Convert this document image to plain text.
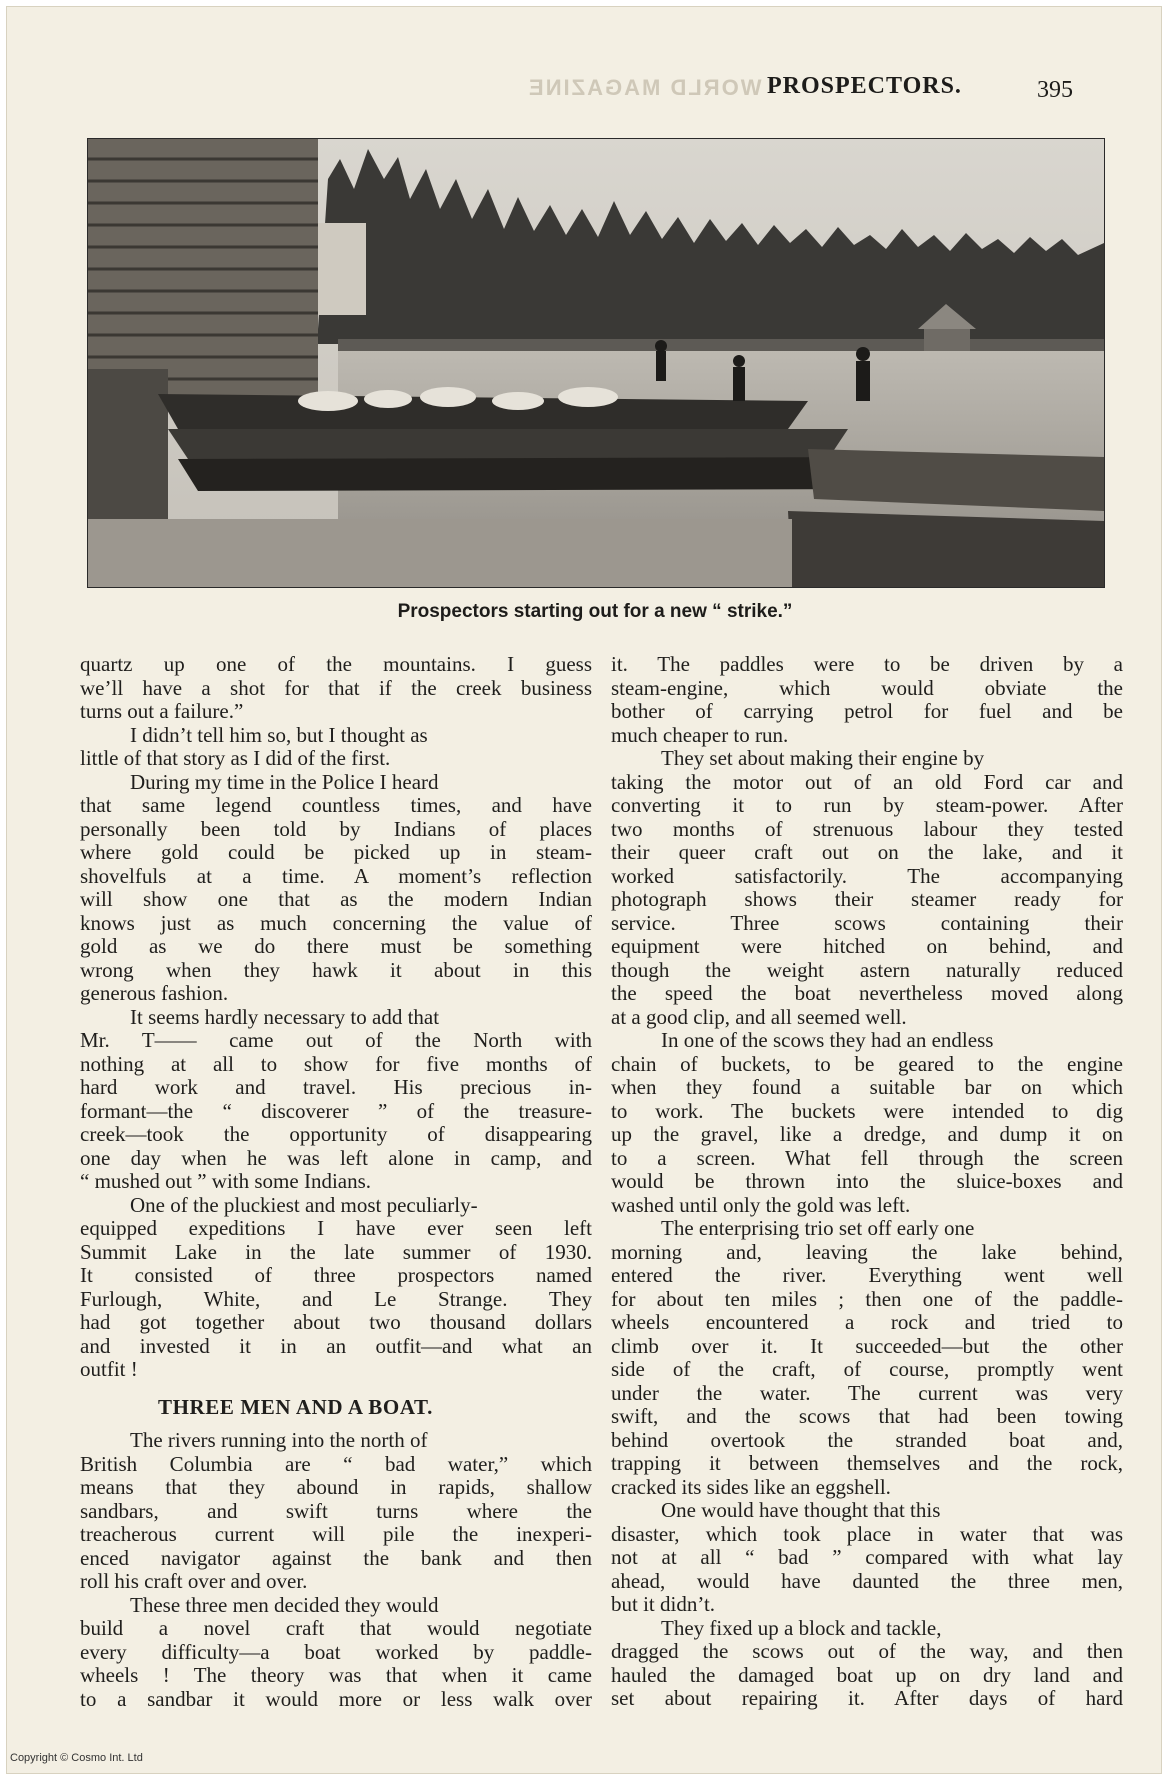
WORLD MAGAZINE PROSPECTORS.	395
Prospectors starting out for a new “ strike.”
quartz up one of the mountains. I guess
we’ll have a shot for that if the creek business
turns out a failure.”
I didn’t tell him so, but I thought as
little of that story as I did of the first.
During my time in the Police I heard
that same legend countless times, and have
personally been told by Indians of places
where gold could be picked up in steam-
shovelfuls at a time. A moment’s reflection
will show one that as the modern Indian
knows just as much concerning the value of
gold as we do there must be something
wrong when they hawk it about in this
generous fashion.
It seems hardly necessary to add that
Mr. T—— came out of the North with
nothing at all to show for five months of
hard work and travel. His precious in-
formant—the “ discoverer ” of the treasure-
creek—took the opportunity of disappearing
one day when he was left alone in camp, and
“ mushed out ” with some Indians.
One of the pluckiest and most peculiarly-
equipped expeditions I have ever seen left
Summit Lake in the late summer of 1930.
It consisted of three prospectors named
Furlough, White, and Le Strange. They
had got together about two thousand dollars
and invested it in an outfit—and what an
outfit !
THREE MEN AND A BOAT.
The rivers running into the north of
British Columbia are “ bad water,” which
means that they abound in rapids, shallow
sandbars, and swift turns where the
treacherous current will pile the inexperi-
enced navigator against the bank and then
roll his craft over and over.
These three men decided they would
build a novel craft that would negotiate
every difficulty—a boat worked by paddle-
wheels ! The theory was that when it came
to a sandbar it would more or less walk over
it. The paddles were to be driven by a
steam-engine, which would obviate the
bother of carrying petrol for fuel and be
much cheaper to run.
They set about making their engine by
taking the motor out of an old Ford car and
converting it to run by steam-power. After
two months of strenuous labour they tested
their queer craft out on the lake, and it
worked satisfactorily. The accompanying
photograph shows their steamer ready for
service. Three scows containing their
equipment were hitched on behind, and
though the weight astern naturally reduced
the speed the boat nevertheless moved along
at a good clip, and all seemed well.
In one of the scows they had an endless
chain of buckets, to be geared to the engine
when they found a suitable bar on which
to work. The buckets were intended to dig
up the gravel, like a dredge, and dump it on
to a screen. What fell through the screen
would be thrown into the sluice-boxes and
washed until only the gold was left.
The enterprising trio set off early one
morning and, leaving the lake behind,
entered the river. Everything went well
for about ten miles ; then one of the paddle-
wheels encountered a rock and tried to
climb over it. It succeeded—but the other
side of the craft, of course, promptly went
under the water. The current was very
swift, and the scows that had been towing
behind overtook the stranded boat and,
trapping it between themselves and the rock,
cracked its sides like an eggshell.
One would have thought that this
disaster, which took place in water that was
not at all “ bad ” compared with what lay
ahead, would have daunted the three men,
but it didn’t.
They fixed up a block and tackle,
dragged the scows out of the way, and then
hauled the damaged boat up on dry land and
set about repairing it. After days of hard
Copyright © Cosmo Int. Ltd
